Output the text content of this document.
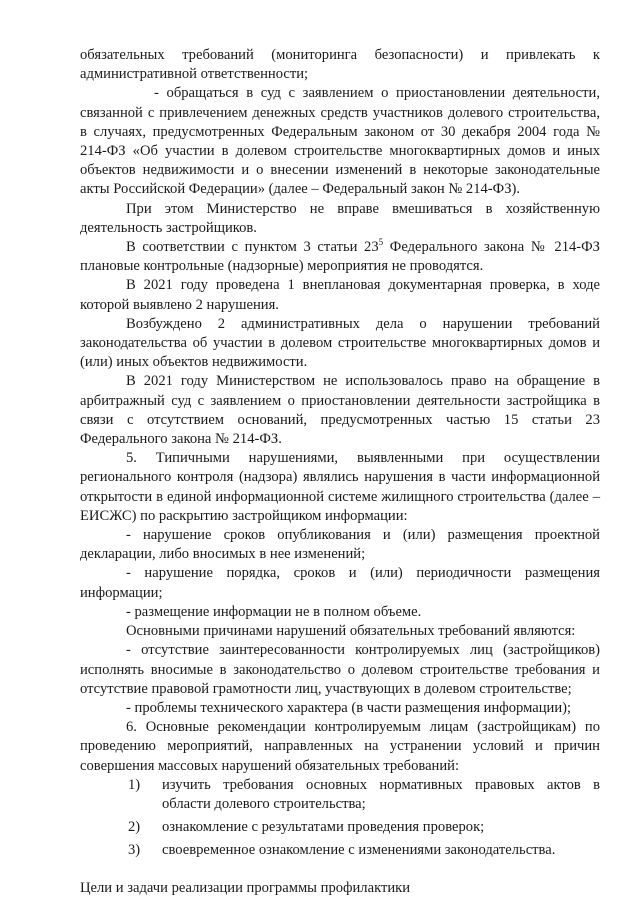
обязательных требований (мониторинга безопасности) и привлекать к административной ответственности;

- обращаться в суд с заявлением о приостановлении деятельности, связанной с привлечением денежных средств участников долевого строительства, в случаях, предусмотренных Федеральным законом от 30 декабря 2004 года № 214-ФЗ «Об участии в долевом строительстве многоквартирных домов и иных объектов недвижимости и о внесении изменений в некоторые законодательные акты Российской Федерации» (далее – Федеральный закон № 214-ФЗ).

При этом Министерство не вправе вмешиваться в хозяйственную деятельность застройщиков.

В соответствии с пунктом 3 статьи $23^5$ Федерального закона № 214-ФЗ плановые контрольные (надзорные) мероприятия не проводятся.

В 2021 году проведена 1 внеплановая документарная проверка, в ходе которой выявлено 2 нарушения.

Возбуждено 2 административных дела о нарушении требований законодательства об участии в долевом строительстве многоквартирных домов и (или) иных объектов недвижимости.

В 2021 году Министерством не использовалось право на обращение в арбитражный суд с заявлением о приостановлении деятельности застройщика в связи с отсутствием оснований, предусмотренных частью 15 статьи 23 Федерального закона № 214-ФЗ.

5. Типичными нарушениями, выявленными при осуществлении регионального контроля (надзора) являлись нарушения в части информационной открытости в единой информационной системе жилищного строительства (далее – ЕИСЖС) по раскрытию застройщиком информации:

- нарушение сроков опубликования и (или) размещения проектной декларации, либо вносимых в нее изменений;

- нарушение порядка, сроков и (или) периодичности размещения информации;

- размещение информации не в полном объеме.

Основными причинами нарушений обязательных требований являются:

- отсутствие заинтересованности контролируемых лиц (застройщиков) исполнять вносимые в законодательство о долевом строительстве требования и отсутствие правовой грамотности лиц, участвующих в долевом строительстве;

- проблемы технического характера (в части размещения информации);

6. Основные рекомендации контролируемым лицам (застройщикам) по проведению мероприятий, направленных на устранении условий и причин совершения массовых нарушений обязательных требований:

1)	изучить требования основных нормативных правовых актов в области долевого строительства;
2)	ознакомление с результатами проведения проверок;
3)	своевременное ознакомление с изменениями законодательства.

Цели и задачи реализации программы профилактики
